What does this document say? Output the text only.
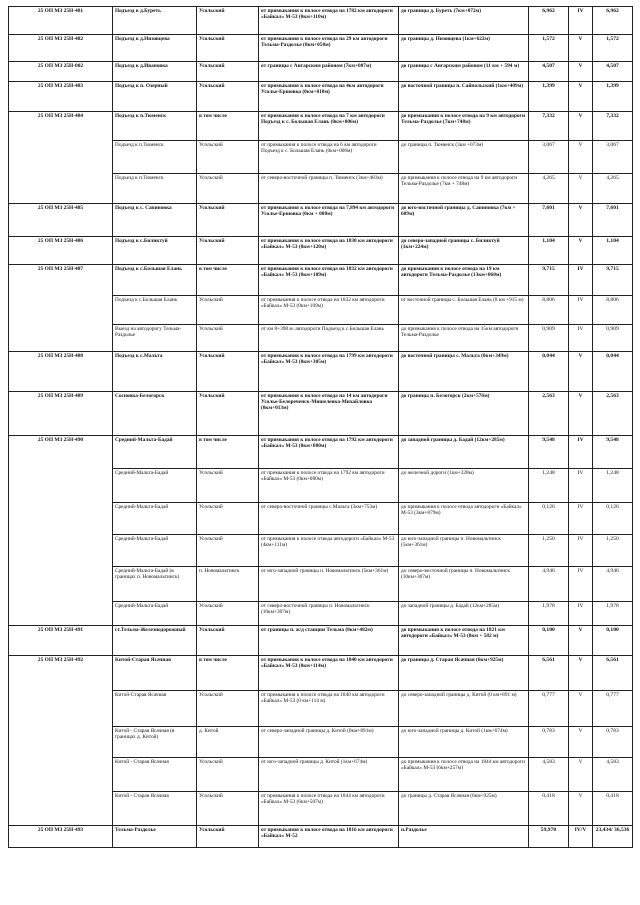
25 ОП МЗ 25Н-481	Подъезд к д.Буреть	Усольский	от примыкания к полосе отвода на 1782 км автодороги «Байкал» М-53 (0км+110м)	до границы д. Буреть (7км+072м)	6,962	IV	6,962
25 ОП МЗ 25Н-482	Подъезд к д.Низовцева	Усольский	от примыкания к полосе отвода на 29 км автодороги Тельма-Раздолье (0км+050м)	до границы д. Низовцева (1км+622м)	1,572	V	1,572
25 ОП МЗ 25Н-002	Подъезд к д.Ивановка	Усольский	от границы с Ангарским районом (7км+087м)	до границы с Ангарским районом (11 км + 594 м)	4,507	V	4,507
25 ОП МЗ 25Н-483	Подъезд к п. Озерный	Усольский	от примыкания к полосе отвода на 4км автодороги Усолье-Ершовка (0км+010м)	до восточной границы п. Сайпольский (1км+409м)	1,399	V	1,399
25 ОП МЗ 25Н-484	Подъезд к п.Тюменск	в том числе	от примыкания к полосе отвода на 7 км автодороги Подъезд к с. Большая Елань (0км+006м)	до примыкания к полосе отвода на 9 км автодороги Тельма-Раздолье (7км+748м)	7,332	V	7,332
	Подъезд к п.Тюменск	Усольский	от примыкания к полосе отвода на 6 км автодороги Подъезд к с. Большая Елань (0км+006м)	до границы п. Тюменск (3км +073м)	3,067	V	3,067
	Подъезд к п.Тюменск	Усольский	от северо-восточной границы п. Тюменск (3км+483м)	до примыкания к полосе отвода на 9 км автодороги Тельма-Раздолье (7км + 748м)	4,265	V	4,265
25 ОП МЗ 25Н-485	Подъезд к с. Сапиновка	Усольский	от примыкания к полосе отвода на 7,894 км автодороги Усолье-Ершовка (0км + 008м)	до юго-восточной границы д. Сапиновка (7км + 609м)	7,601	V	7,601
25 ОП МЗ 25Н-486	Подъезд к с.Биликтуй	Усольский	от примыкания к полосе отвода на 1830 км автодороги «Байкал» М-53 (0км+120м)	до северо-западной границы с. Биликтуй (1км+224м)	1,104	V	1,104
25 ОП МЗ 25Н-487	Подъезд к с.Большая Елань	в том числе	от примыкания к полосе отвода на 1832 км автодороги «Байкал» М-53 (0км+109м)	до примыкания к полосе отвода на 19 км автодороги Тельма-Раздолье (13км+060м)	9,715	IV	9,715
	Подъезд к с.Большая Елань	Усольский	от примыкания к полосе отвода на 1832 км автодороги «Байкал» М-53 (0км+109м)	от восточной границы с. Большая Елань (8 км +915 м)	8,806	IV	8,806
	Выезд на автодорогу Тельма-Раздолье	Усольский	от км 8+398 м. автодороги Подъезд к с.Большая Елань	до примыкания к полосе отвода на 15км автодороги Тельма-Раздолье	0,909	IV	0,909
25 ОП МЗ 25Н-488	Подъезд к с.Мальта	Усольский	от примыкания к полосе отвода на 1799 км автодороги «Байкал» М-53 (0км+305м)	до восточной границы с. Мальта (0км+349м)	0,044	V	0,044
25 ОП МЗ 25Н-489	Сосновка-Белогорск	Усольский	от примыкания к полосе отвода на 14 км автодороги Усолье-Белореченск-Мишелевка-Михайловка (0км+013м)	до границы п. Белогорск (2км+576м)	2,563	V	2,563
25 ОП МЗ 25Н-490	Средний-Мальта-Бадай	в том числе	от примыкания к полосе отвода на 1792 км автодороги «Байкал» М-53 (0км+080м)	до западной границы д. Бадай (12км+285м)	9,548	IV	9,548
	Средний-Мальта-Бадай	Усольский	от примыкания к полосе отвода на 1792 км автодороги «Байкал» М-53 (0км+080м)	до железной дороги (1км+328м)	1,248	IV	1,248
	Средний-Мальта-Бадай	Усольский	от северо-восточной границы с.Мальта (3км+753м)	до примыкания к полосе отвода автодороги «Байкал» М-53 (3км+879м)	0,126	IV	0,126
	Средний-Мальта-Бадай	Усольский	от примыкания к полосе отвода автодороги «Байкал» М-53 (4км+111м)	до юго-западной границы п. Новомальтинск (5км+361м)	1,250	IV	1,250
	Средний-Мальта-Бадай (в границах п. Новомальтинск)	п. Новомальтинск	от юго-западной границы п. Новомальтинск (5км+361м)	до северо-восточной границы п. Новомальтинск (10км+307м)	4,946	IV	4,946
	Средний-Мальта-Бадай	Усольский	от северо-восточной границы п. Новомальтинск (10км+307м)	до западной границы д. Бадай (12км+285м)	1,978	IV	1,978
25 ОП МЗ 25Н-491	ст.Тельма-Железнодорожный	Усольский	от границы п. ж/д станции Тельма (0км+482м)	до примыкания к полосе отвода на 1821 км автодороги «Байкал» М-53 (0км + 582 м)	0,100	V	0,100
25 ОП МЗ 25Н-492	Китой-Старая Ясачная	в том числе	от примыкания к полосе отвода на 1840 км автодороги «Байкал» М-53 (0км+114м)	до границы д. Старая Ясачная (6км+925м)	6,561	V	6,561
	Китой-Старая Ясачная	Усольский	от примыкания к полосе отвода на 1840 км автодороги «Байкал» М-53 (0 км+114 м)	до северо-западной границы д. Китой (0 км+891 м)	0,777	V	0,777
	Китой - Старая Ясачная (в границах д. Китой)	д. Китой	от северо-западной границы д. Китой (0км+891м)	до юго-западной границы д. Китой (1км+674м)	0,783	V	0,783
	Китой - Старая Ясачная	Усольский	от юго-западной границы д. Китой (1км+674м)	до примыкания к полосе отвода на 1844 км автодороги «Байкал» М-53 (6км+257м)	4,583	V	4,583
	Китой - Старая Ясачная	Усольский	от примыкания к полосе отвода на 1844 км автодороги «Байкал» М-53 (6км+507м)	до границы д. Старая Ясачная (6км+925м)	0,418	V	0,418
25 ОП МЗ 25Н-493	Тельма-Раздолье	Усольский	от примыкания к полосе отвода на 1816 км автодороги «Байкал» М-52	п.Раздолье	59,970	IV/V	23,434/ 36,536
